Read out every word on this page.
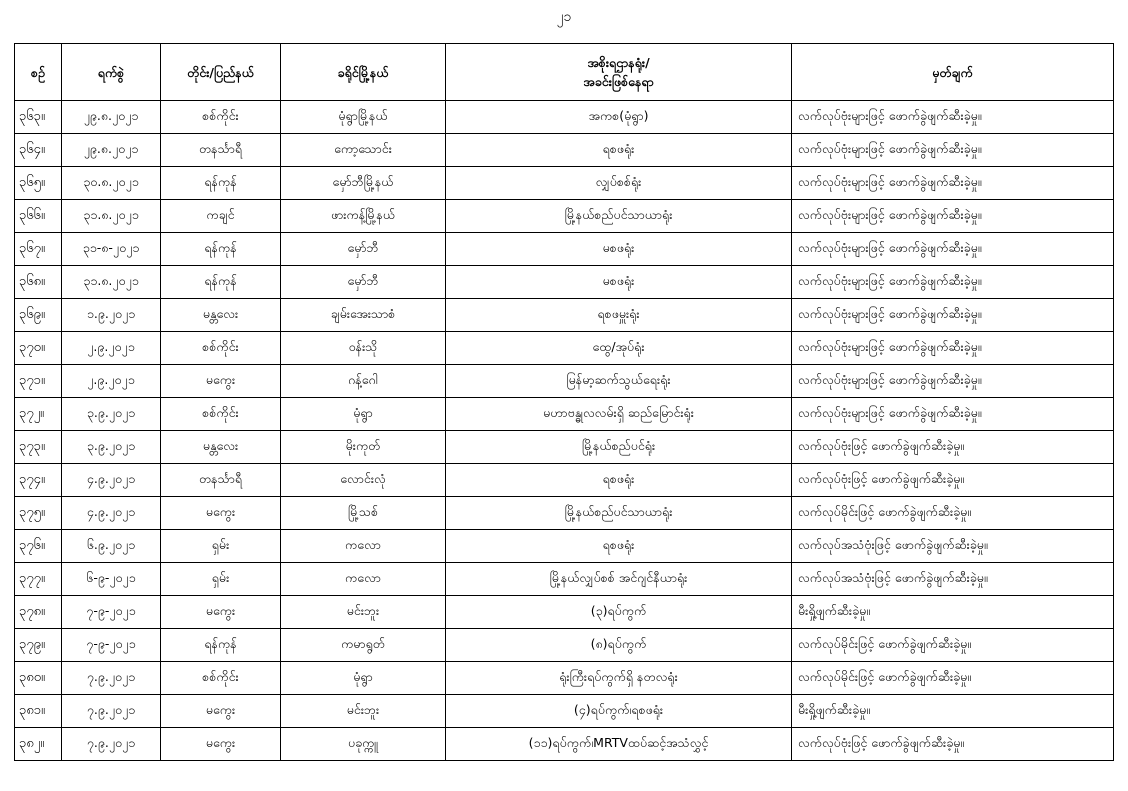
၂၁
စဉ်	ရက်စွဲ	တိုင်း/ပြည်နယ်	ခရိုင်မြို့နယ်	အစိုးရဌာနရုံး/
အခင်းဖြစ်နေရာ	မှတ်ချက်
၃၆၃။	၂၉.၈.၂၀၂၁	စစ်ကိုင်း	မုံရွာမြို့နယ်	အကစ(မုံရွာ)	လက်လုပ်ဗုံးများဖြင့် ဖောက်ခွဲဖျက်ဆီးခဲ့မှု။
၃၆၄။	၂၉.၈.၂၀၂၁	တနင်္သာရီ	ကော့သောင်း	ရစဖရုံး	လက်လုပ်ဗုံးများဖြင့် ဖောက်ခွဲဖျက်ဆီးခဲ့မှု။
၃၆၅။	၃၀.၈.၂၀၂၁	ရန်ကုန်	မှော်ဘီမြို့နယ်	လျှပ်စစ်ရုံး	လက်လုပ်ဗုံးများဖြင့် ဖောက်ခွဲဖျက်ဆီးခဲ့မှု။
၃၆၆။	၃၁.၈.၂၀၂၁	ကချင်	ဖားကန့်မြို့နယ်	မြို့နယ်စည်ပင်သာယာရုံး	လက်လုပ်ဗုံးများဖြင့် ဖောက်ခွဲဖျက်ဆီးခဲ့မှု။
၃၆၇။	၃၁-၈-၂၀၂၁	ရန်ကုန်	မှော်ဘီ	မစဖရုံး	လက်လုပ်ဗုံးများဖြင့် ဖောက်ခွဲဖျက်ဆီးခဲ့မှု။
၃၆၈။	၃၁.၈.၂၀၂၁	ရန်ကုန်	မှော်ဘီ	မစဖရုံး	လက်လုပ်ဗုံးများဖြင့် ဖောက်ခွဲဖျက်ဆီးခဲ့မှု။
၃၆၉။	၁.၉.၂၀၂၁	မန္တလေး	ချမ်းအေးသာစံ	ရစဖမှူးရုံး	လက်လုပ်ဗုံးများဖြင့် ဖောက်ခွဲဖျက်ဆီးခဲ့မှု။
၃၇၀။	၂.၉.၂၀၂၁	စစ်ကိုင်း	ဝန်းသို	ထွေ/အုပ်ရုံး	လက်လုပ်ဗုံးများဖြင့် ဖောက်ခွဲဖျက်ဆီးခဲ့မှု။
၃၇၁။	၂.၉.၂၀၂၁	မကွေး	ဂန့်ဂေါ	မြန်မာ့ဆက်သွယ်ရေးရုံး	လက်လုပ်ဗုံးများဖြင့် ဖောက်ခွဲဖျက်ဆီးခဲ့မှု။
၃၇၂။	၃.၉.၂၀၂၁	စစ်ကိုင်း	မုံရွာ	မဟာဗန္ဓုလလမ်းရှိ ဆည်မြောင်းရုံး	လက်လုပ်ဗုံးများဖြင့် ဖောက်ခွဲဖျက်ဆီးခဲ့မှု။
၃၇၃။	၃.၉.၂၀၂၁	မန္တလေး	မိုးကုတ်	မြို့နယ်စည်ပင်ရုံး	လက်လုပ်ဗုံးဖြင့် ဖောက်ခွဲဖျက်ဆီးခဲ့မှု။
၃၇၄။	၄.၉.၂၀၂၁	တနင်္သာရီ	လောင်းလုံ	ရစဖရုံး	လက်လုပ်ဗုံးဖြင့် ဖောက်ခွဲဖျက်ဆီးခဲ့မှု။
၃၇၅။	၄.၉.၂၀၂၁	မကွေး	မြို့သစ်	မြို့နယ်စည်ပင်သာယာရုံး	လက်လုပ်မိုင်းဖြင့် ဖောက်ခွဲဖျက်ဆီးခဲ့မှု။
၃၇၆။	၆.၉.၂၀၂၁	ရှမ်း	ကလော	ရစဖရုံး	လက်လုပ်အသံဗုံးဖြင့် ဖောက်ခွဲဖျက်ဆီးခဲ့မှု။
၃၇၇။	၆-၉-၂၀၂၁	ရှမ်း	ကလော	မြို့နယ်လျှပ်စစ် အင်ဂျင်နီယာရုံး	လက်လုပ်အသံဗုံးဖြင့် ဖောက်ခွဲဖျက်ဆီးခဲ့မှု။
၃၇၈။	၇-၉-၂၀၂၁	မကွေး	မင်းဘူး	(၃)ရပ်ကွက်	မီးရှို့ဖျက်ဆီးခဲ့မှု။
၃၇၉။	၇-၉-၂၀၂၁	ရန်ကုန်	ကမာရွတ်	(၈)ရပ်ကွက်	လက်လုပ်မိုင်းဖြင့် ဖောက်ခွဲဖျက်ဆီးခဲ့မှု။
၃၈၀။	၇.၉.၂၀၂၁	စစ်ကိုင်း	မုံရွာ	ရုံးကြီးရပ်ကွက်ရှိ နတလရုံး	လက်လုပ်မိုင်းဖြင့် ဖောက်ခွဲဖျက်ဆီးခဲ့မှု။
၃၈၁။	၇.၉.၂၀၂၁	မကွေး	မင်းဘူး	(၄)ရပ်ကွက်၊ရစဖရုံး	မီးရှို့ဖျက်ဆီးခဲ့မှု။
၃၈၂။	၇.၉.၂၀၂၁	မကွေး	ပခုက္ကူ	(၁၁)ရပ်ကွက်၊MRTVထပ်ဆင့်အသံလွှင့်	လက်လုပ်ဗုံးဖြင့် ဖောက်ခွဲဖျက်ဆီးခဲ့မှု။
